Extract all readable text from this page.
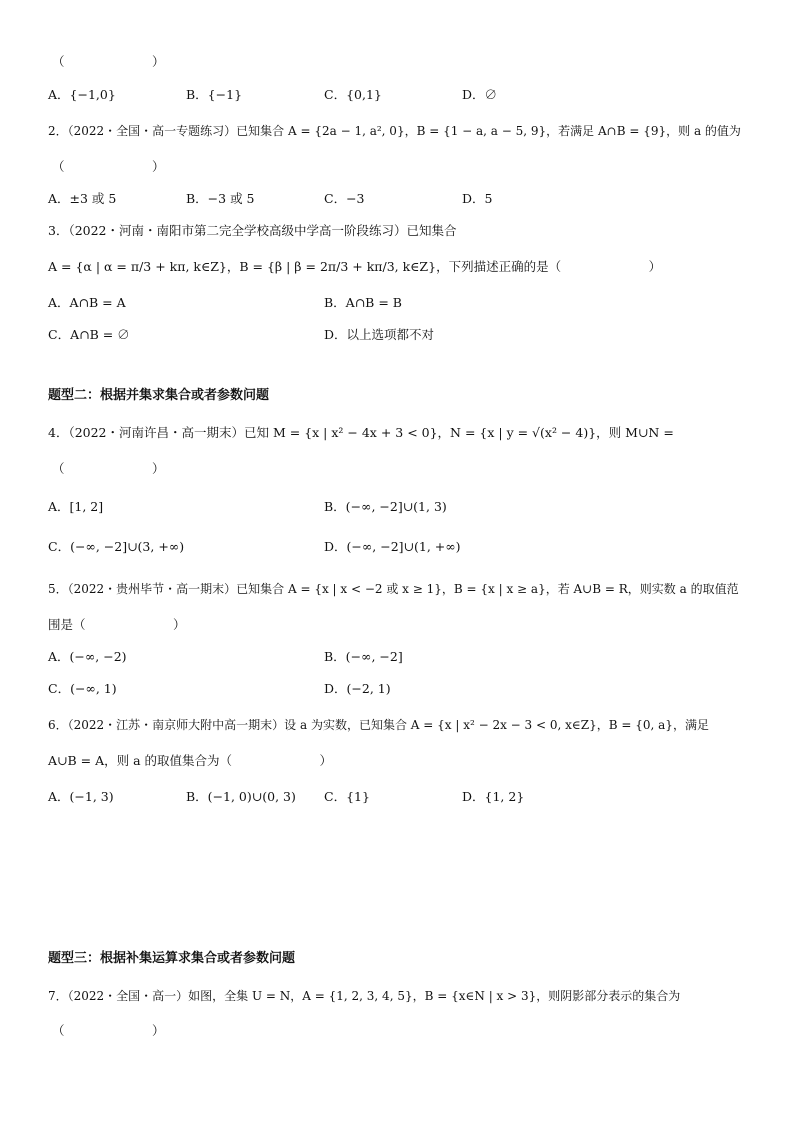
（　　　　　　　）
A．{−1,0}	B．{−1}	C．{0,1}	D．∅
2．（2022・全国・高一专题练习）已知集合 A = {2a − 1, a², 0}，B = {1 − a, a − 5, 9}，若满足 A∩B = {9}，则 a 的值为
（　　　　　　　）
A．±3 或 5	B．−3 或 5	C．−3	D．5
3．（2022・河南・南阳市第二完全学校高级中学高一阶段练习）已知集合
A = {α | α = π/3 + kπ, k∈Z}，B = {β | β = 2π/3 + kπ/3, k∈Z}，下列描述正确的是（　　　　　　　）
A．A∩B = A	B．A∩B = B
C．A∩B = ∅	D．以上选项都不对
题型二：根据并集求集合或者参数问题
4．（2022・河南许昌・高一期末）已知 M = {x | x² − 4x + 3 < 0}，N = {x | y = √(x² − 4)}，则 M∪N =
（　　　　　　　）
A．[1, 2]	B．(−∞, −2]∪(1, 3)
C．(−∞, −2]∪(3, +∞)	D．(−∞, −2]∪(1, +∞)
5．（2022・贵州毕节・高一期末）已知集合 A = {x | x < −2 或 x ≥ 1}，B = {x | x ≥ a}，若 A∪B = R，则实数 a 的取值范
围是（　　　　　　　）
A．(−∞, −2)	B．(−∞, −2]
C．(−∞, 1)	D．(−2, 1)
6．（2022・江苏・南京师大附中高一期末）设 a 为实数，已知集合 A = {x | x² − 2x − 3 < 0, x∈Z}，B = {0, a}，满足
A∪B = A，则 a 的取值集合为（　　　　　　　）
A．(−1, 3)	B．(−1, 0)∪(0, 3) C．{1}	D．{1, 2}
题型三：根据补集运算求集合或者参数问题
7．（2022・全国・高一）如图，全集 U = N，A = {1, 2, 3, 4, 5}，B = {x∈N | x > 3}，则阴影部分表示的集合为
（　　　　　　　）
